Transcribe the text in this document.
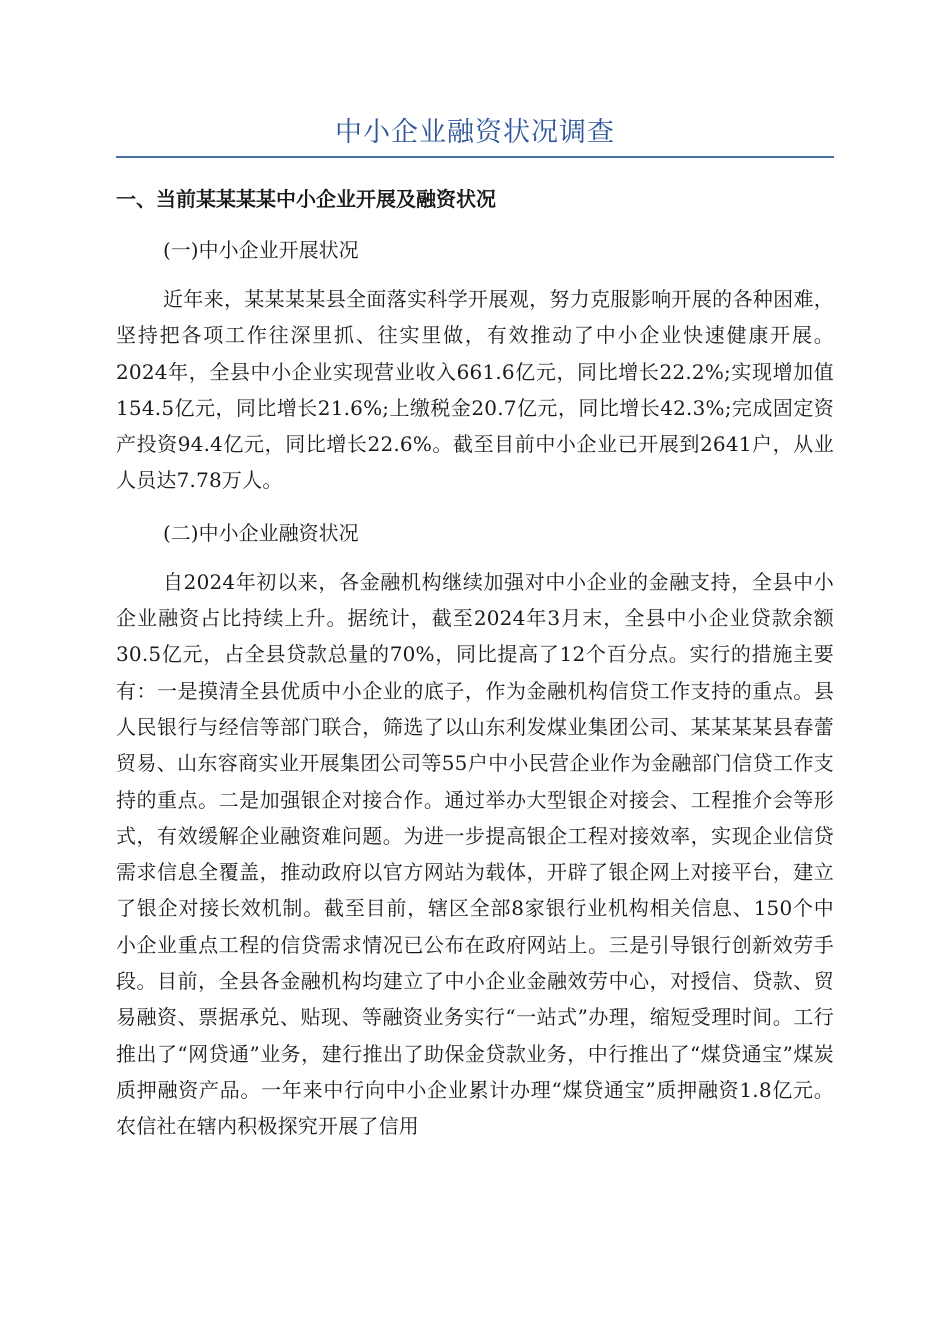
中小企业融资状况调查
一、当前某某某某中小企业开展及融资状况
(一)中小企业开展状况
近年来，某某某某县全面落实科学开展观，努力克服影响开展的各种困难，坚持把各项工作往深里抓、往实里做，有效推动了中小企业快速健康开展。2024年，全县中小企业实现营业收入661.6亿元，同比增长22.2%;实现增加值154.5亿元，同比增长21.6%;上缴税金20.7亿元，同比增长42.3%;完成固定资产投资94.4亿元，同比增长22.6%。截至目前中小企业已开展到2641户，从业人员达7.78万人。
(二)中小企业融资状况
自2024年初以来，各金融机构继续加强对中小企业的金融支持，全县中小企业融资占比持续上升。据统计，截至2024年3月末，全县中小企业贷款余额30.5亿元，占全县贷款总量的70%，同比提高了12个百分点。实行的措施主要有：一是摸清全县优质中小企业的底子，作为金融机构信贷工作支持的重点。县人民银行与经信等部门联合，筛选了以山东利发煤业集团公司、某某某某县春蕾贸易、山东容商实业开展集团公司等55户中小民营企业作为金融部门信贷工作支持的重点。二是加强银企对接合作。通过举办大型银企对接会、工程推介会等形式，有效缓解企业融资难问题。为进一步提高银企工程对接效率，实现企业信贷需求信息全覆盖，推动政府以官方网站为载体，开辟了银企网上对接平台，建立了银企对接长效机制。截至目前，辖区全部8家银行业机构相关信息、150个中小企业重点工程的信贷需求情况已公布在政府网站上。三是引导银行创新效劳手段。目前，全县各金融机构均建立了中小企业金融效劳中心，对授信、贷款、贸易融资、票据承兑、贴现、等融资业务实行“一站式”办理，缩短受理时间。工行推出了“网贷通”业务，建行推出了助保金贷款业务，中行推出了“煤贷通宝”煤炭质押融资产品。一年来中行向中小企业累计办理“煤贷通宝”质押融资1.8亿元。农信社在辖内积极探究开展了信用
